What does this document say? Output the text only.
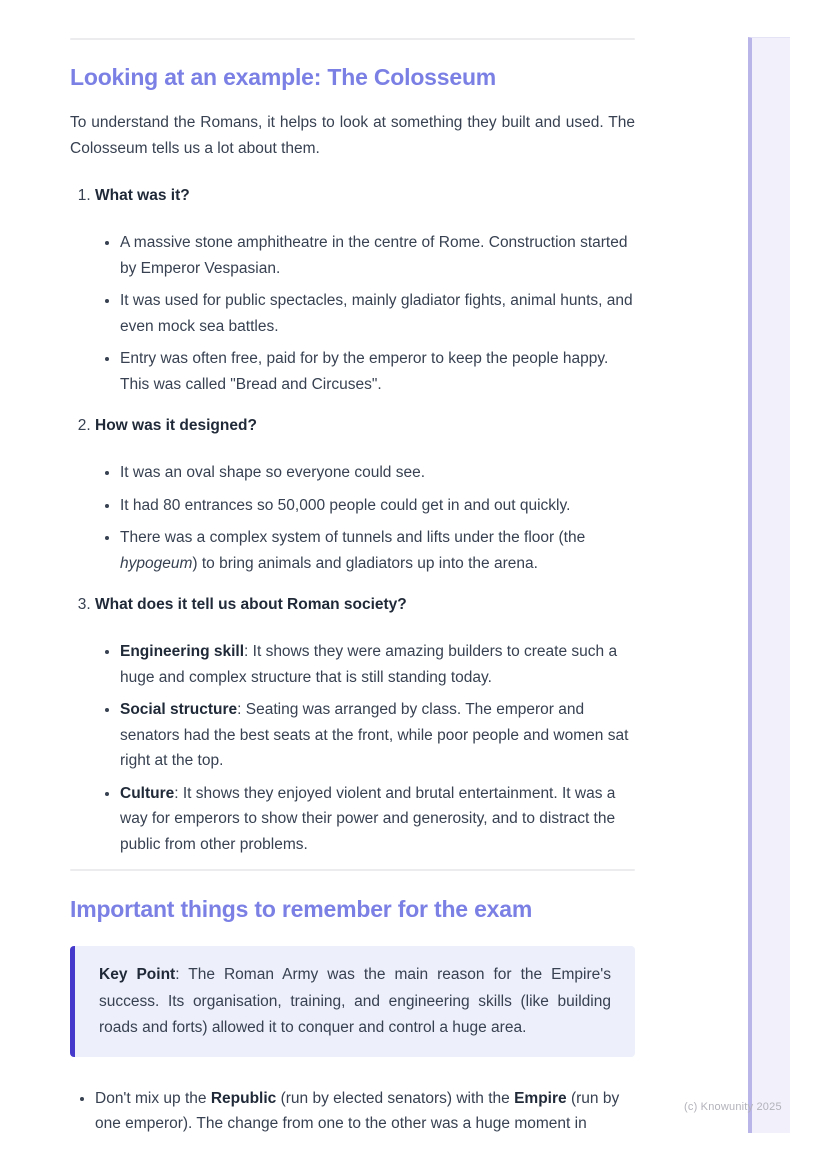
Looking at an example: The Colosseum

To understand the Romans, it helps to look at something they built and used. The Colosseum tells us a lot about them.

1. What was it?
• A massive stone amphitheatre in the centre of Rome. Construction started by Emperor Vespasian.
• It was used for public spectacles, mainly gladiator fights, animal hunts, and even mock sea battles.
• Entry was often free, paid for by the emperor to keep the people happy. This was called "Bread and Circuses".
2. How was it designed?
• It was an oval shape so everyone could see.
• It had 80 entrances so 50,000 people could get in and out quickly.
• There was a complex system of tunnels and lifts under the floor (the hypogeum) to bring animals and gladiators up into the arena.
3. What does it tell us about Roman society?
• Engineering skill: It shows they were amazing builders to create such a huge and complex structure that is still standing today.
• Social structure: Seating was arranged by class. The emperor and senators had the best seats at the front, while poor people and women sat right at the top.
• Culture: It shows they enjoyed violent and brutal entertainment. It was a way for emperors to show their power and generosity, and to distract the public from other problems.
Important things to remember for the exam

Key Point: The Roman Army was the main reason for the Empire's success. Its organisation, training, and engineering skills (like building roads and forts) allowed it to conquer and control a huge area.

• Don't mix up the Republic (run by elected senators) with the Empire (run by one emperor). The change from one to the other was a huge moment in
(c) Knowunity 2025
